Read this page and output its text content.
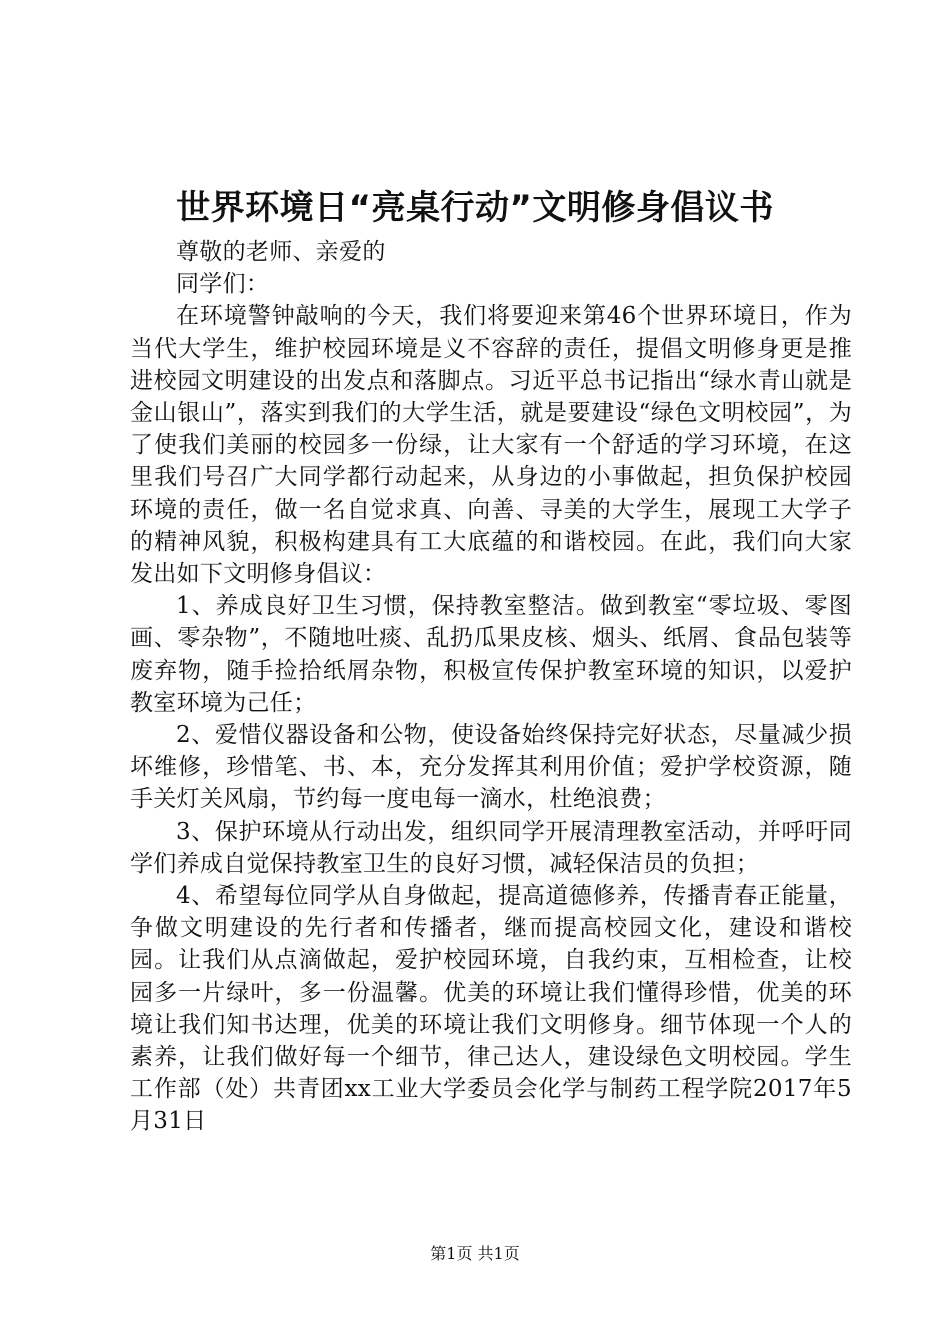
世界环境日“亮桌行动”文明修身倡议书

尊敬的老师、亲爱的

同学们：

在环境警钟敲响的今天，我们将要迎来第46个世界环境日，作为当代大学生，维护校园环境是义不容辞的责任，提倡文明修身更是推进校园文明建设的出发点和落脚点。习近平总书记指出“绿水青山就是金山银山”，落实到我们的大学生活，就是要建设“绿色文明校园”，为了使我们美丽的校园多一份绿，让大家有一个舒适的学习环境，在这里我们号召广大同学都行动起来，从身边的小事做起，担负保护校园环境的责任，做一名自觉求真、向善、寻美的大学生，展现工大学子的精神风貌，积极构建具有工大底蕴的和谐校园。在此，我们向大家发出如下文明修身倡议：

1、养成良好卫生习惯，保持教室整洁。做到教室“零垃圾、零图画、零杂物”，不随地吐痰、乱扔瓜果皮核、烟头、纸屑、食品包装等废弃物，随手捡拾纸屑杂物，积极宣传保护教室环境的知识，以爱护教室环境为己任；

2、爱惜仪器设备和公物，使设备始终保持完好状态，尽量减少损坏维修，珍惜笔、书、本，充分发挥其利用价值；爱护学校资源，随手关灯关风扇，节约每一度电每一滴水，杜绝浪费；

3、保护环境从行动出发，组织同学开展清理教室活动，并呼吁同学们养成自觉保持教室卫生的良好习惯，减轻保洁员的负担；

4、希望每位同学从自身做起，提高道德修养，传播青春正能量，争做文明建设的先行者和传播者，继而提高校园文化，建设和谐校园。让我们从点滴做起，爱护校园环境，自我约束，互相检查，让校园多一片绿叶，多一份温馨。优美的环境让我们懂得珍惜，优美的环境让我们知书达理，优美的环境让我们文明修身。细节体现一个人的素养，让我们做好每一个细节，律己达人，建设绿色文明校园。学生工作部（处）共青团xx工业大学委员会化学与制药工程学院2017年5月31日

第1页 共1页
